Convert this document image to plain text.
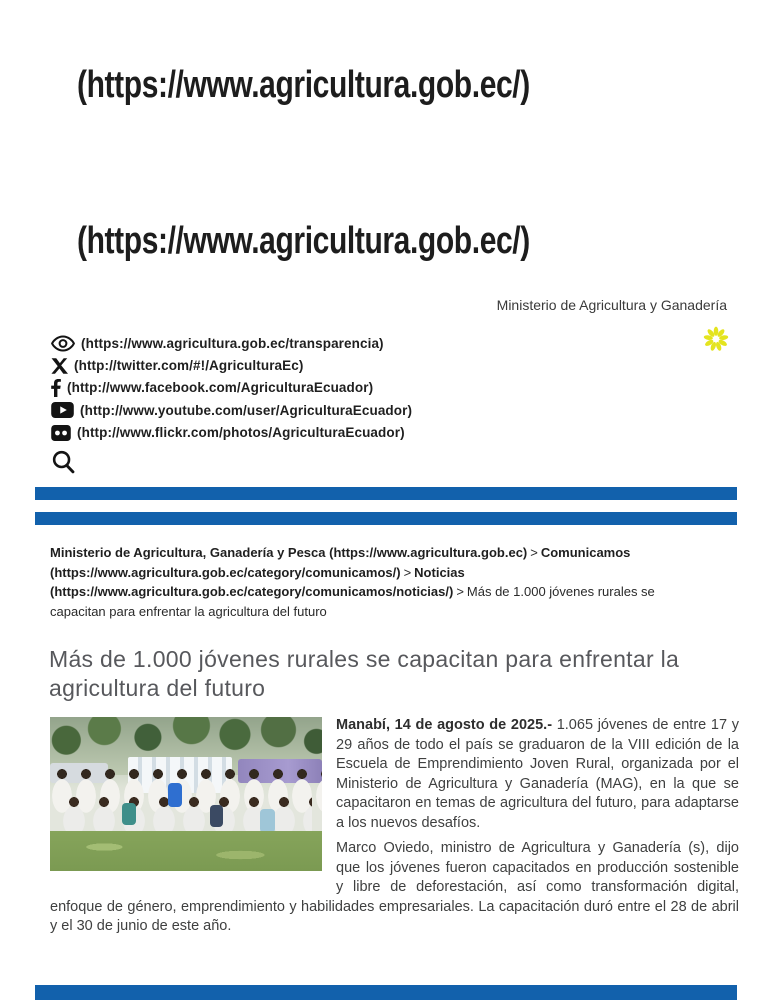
(https://www.agricultura.gob.ec/)
(https://www.agricultura.gob.ec/)
Ministerio de Agricultura y Ganadería
(https://www.agricultura.gob.ec/transparencia)
(http://twitter.com/#!/AgriculturaEc)
(http://www.facebook.com/AgriculturaEcuador)
(http://www.youtube.com/user/AgriculturaEcuador)
(http://www.flickr.com/photos/AgriculturaEcuador)
Ministerio de Agricultura, Ganadería y Pesca (https://www.agricultura.gob.ec) > Comunicamos (https://www.agricultura.gob.ec/category/comunicamos/) > Noticias (https://www.agricultura.gob.ec/category/comunicamos/noticias/) > Más de 1.000 jóvenes rurales se capacitan para enfrentar la agricultura del futuro
Más de 1.000 jóvenes rurales se capacitan para enfrentar la agricultura del futuro

Manabí, 14 de agosto de 2025.- 1.065 jóvenes de entre 17 y 29 años de todo el país se graduaron de la VIII edición de la Escuela de Emprendimiento Joven Rural, organizada por el Ministerio de Agricultura y Ganadería (MAG), en la que se capacitaron en temas de agricultura del futuro, para adaptarse a los nuevos desafíos.

Marco Oviedo, ministro de Agricultura y Ganadería (s), dijo que los jóvenes fueron capacitados en producción sostenible y libre de deforestación, así como transformación digital, enfoque de género, emprendimiento y habilidades empresariales. La capacitación duró entre el 28 de abril y el 30 de junio de este año.
